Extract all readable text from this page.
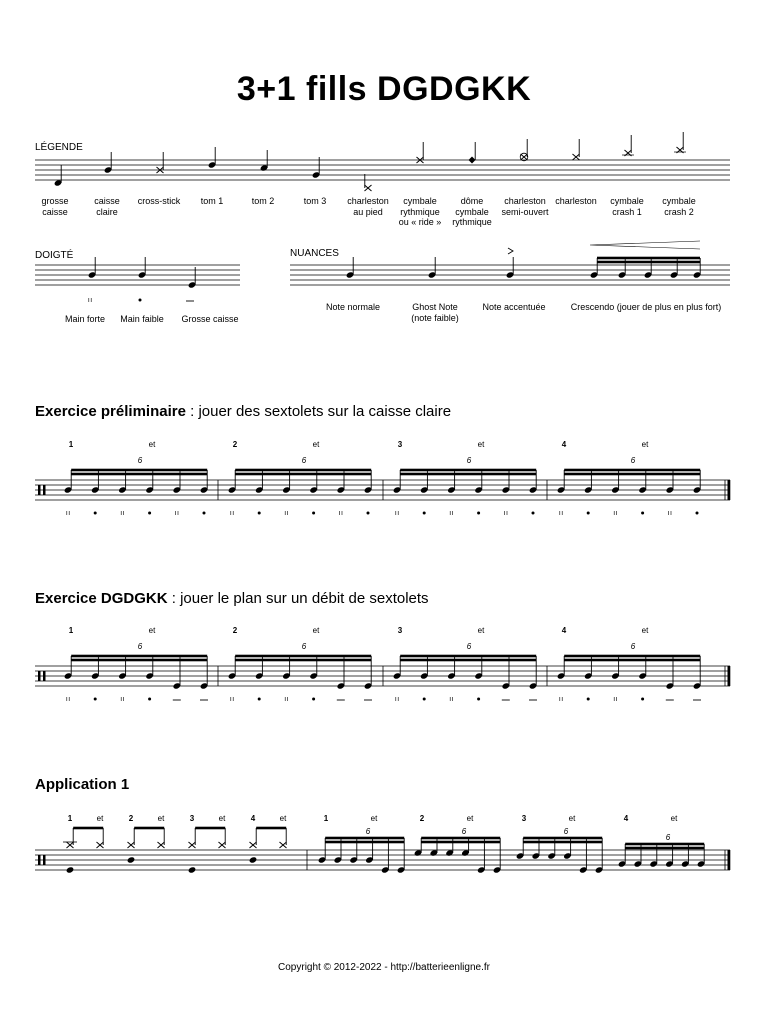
3+1 fills DGDGKK
LÉGENDE
DOIGTÉ	NUANCES
grosse
caisse
caisse
claire
cross-stick	tom 1	tom 2	tom 3	charleston
au pied
cymbale
rythmique
ou « ride »
dôme
cymbale
rythmique
charleston
semi-ouvert
charleston	cymbale
crash 1
cymbale
crash 2
Main forte	Main faible	Grosse caisse
Note normale	Ghost Note
(note faible)
Note accentuée	Crescendo (jouer de plus en plus fort)
Exercice préliminaire : jouer des sextolets sur la caisse claire
Exercice DGDGKK : jouer le plan sur un débit de sextolets
Application 1
Copyright © 2012-2022 - http://batterieenligne.fr
1	et
6
2	et
6
3	et
6
4	et
6
1	et
6
2	et
6
3	et
6
4	et
6
1	et	2	et	3	et	4	et	1	et
6
2	et
6
3	et
6
4	et
6
